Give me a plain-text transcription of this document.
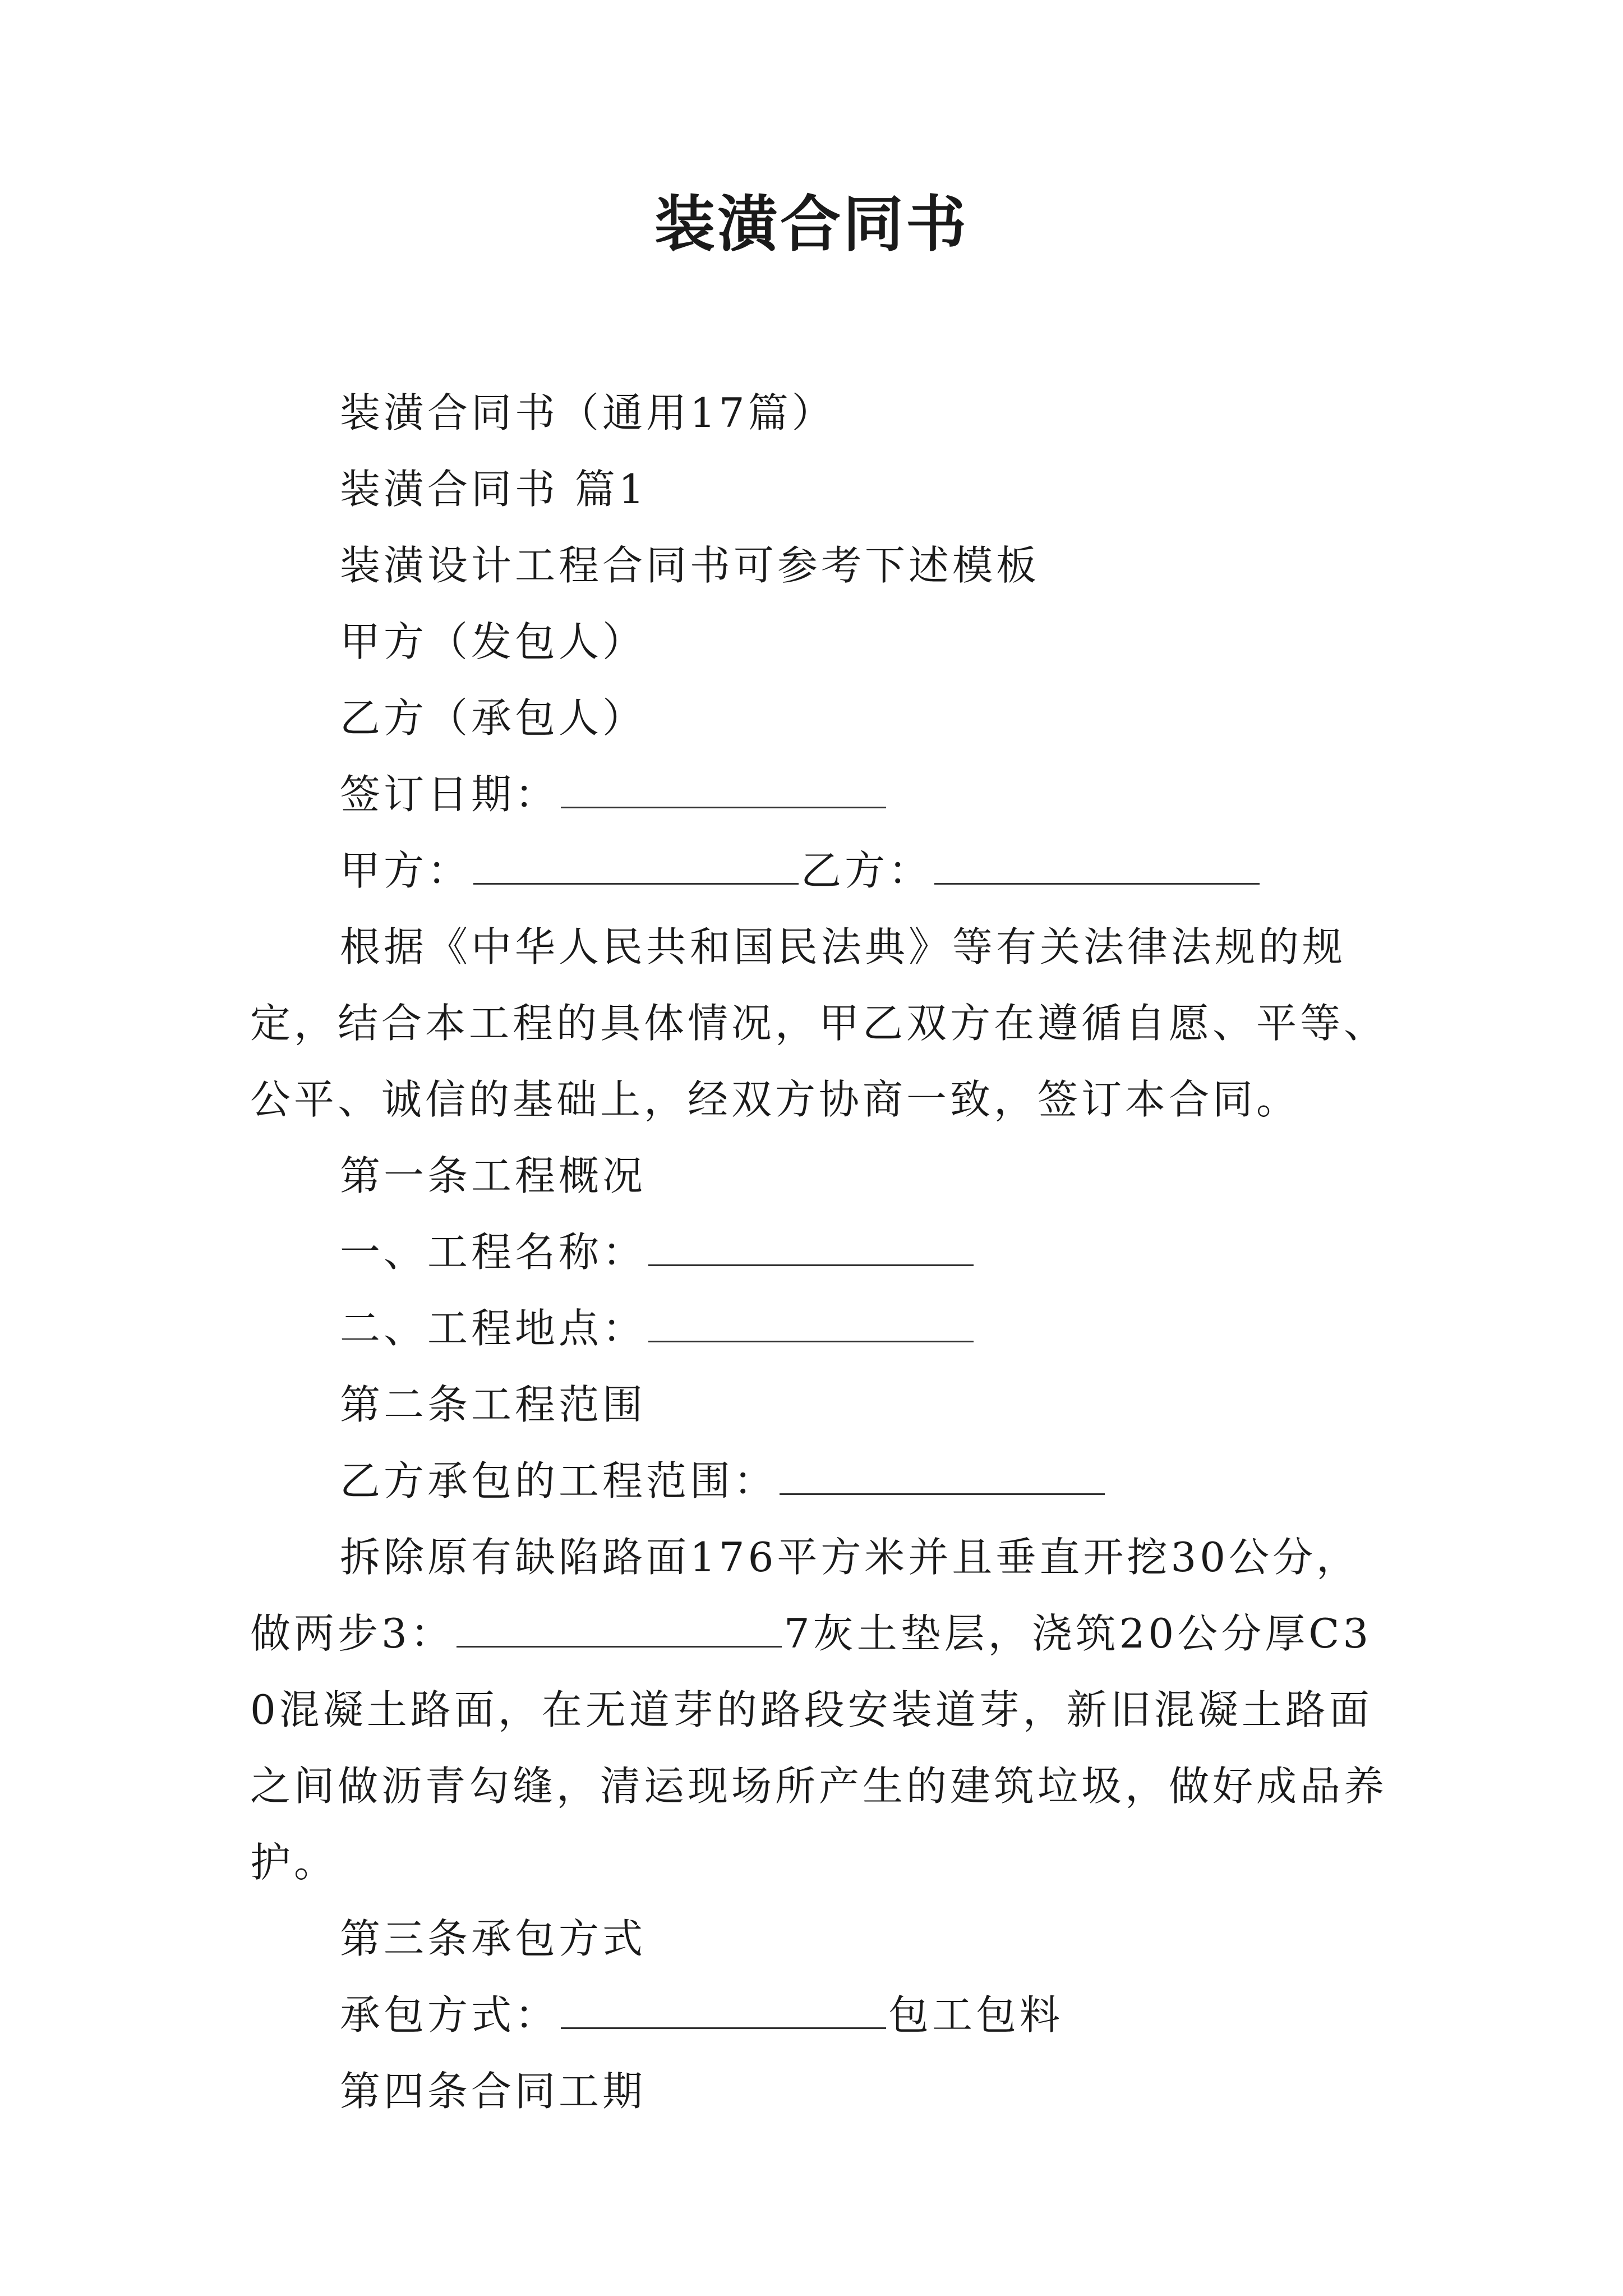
装潢合同书
装潢合同书（通用17篇）
装潢合同书 篇1
装潢设计工程合同书可参考下述模板
甲方（发包人）
乙方（承包人）
签订日期：
甲方：	乙方：
根据《中华人民共和国民法典》等有关法律法规的规定，结合本工程的具体情况，甲乙双方在遵循自愿、平等、公平、诚信的基础上，经双方协商一致，签订本合同。
第一条工程概况
一、工程名称：
二、工程地点：
第二条工程范围
乙方承包的工程范围：
拆除原有缺陷路面176平方米并且垂直开挖30公分，做两步3：	7灰土垫层，浇筑20公分厚C30混凝土路面，在无道芽的路段安装道芽，新旧混凝土路面之间做沥青勾缝，清运现场所产生的建筑垃圾，做好成品养护。
第三条承包方式
承包方式：	包工包料
第四条合同工期
